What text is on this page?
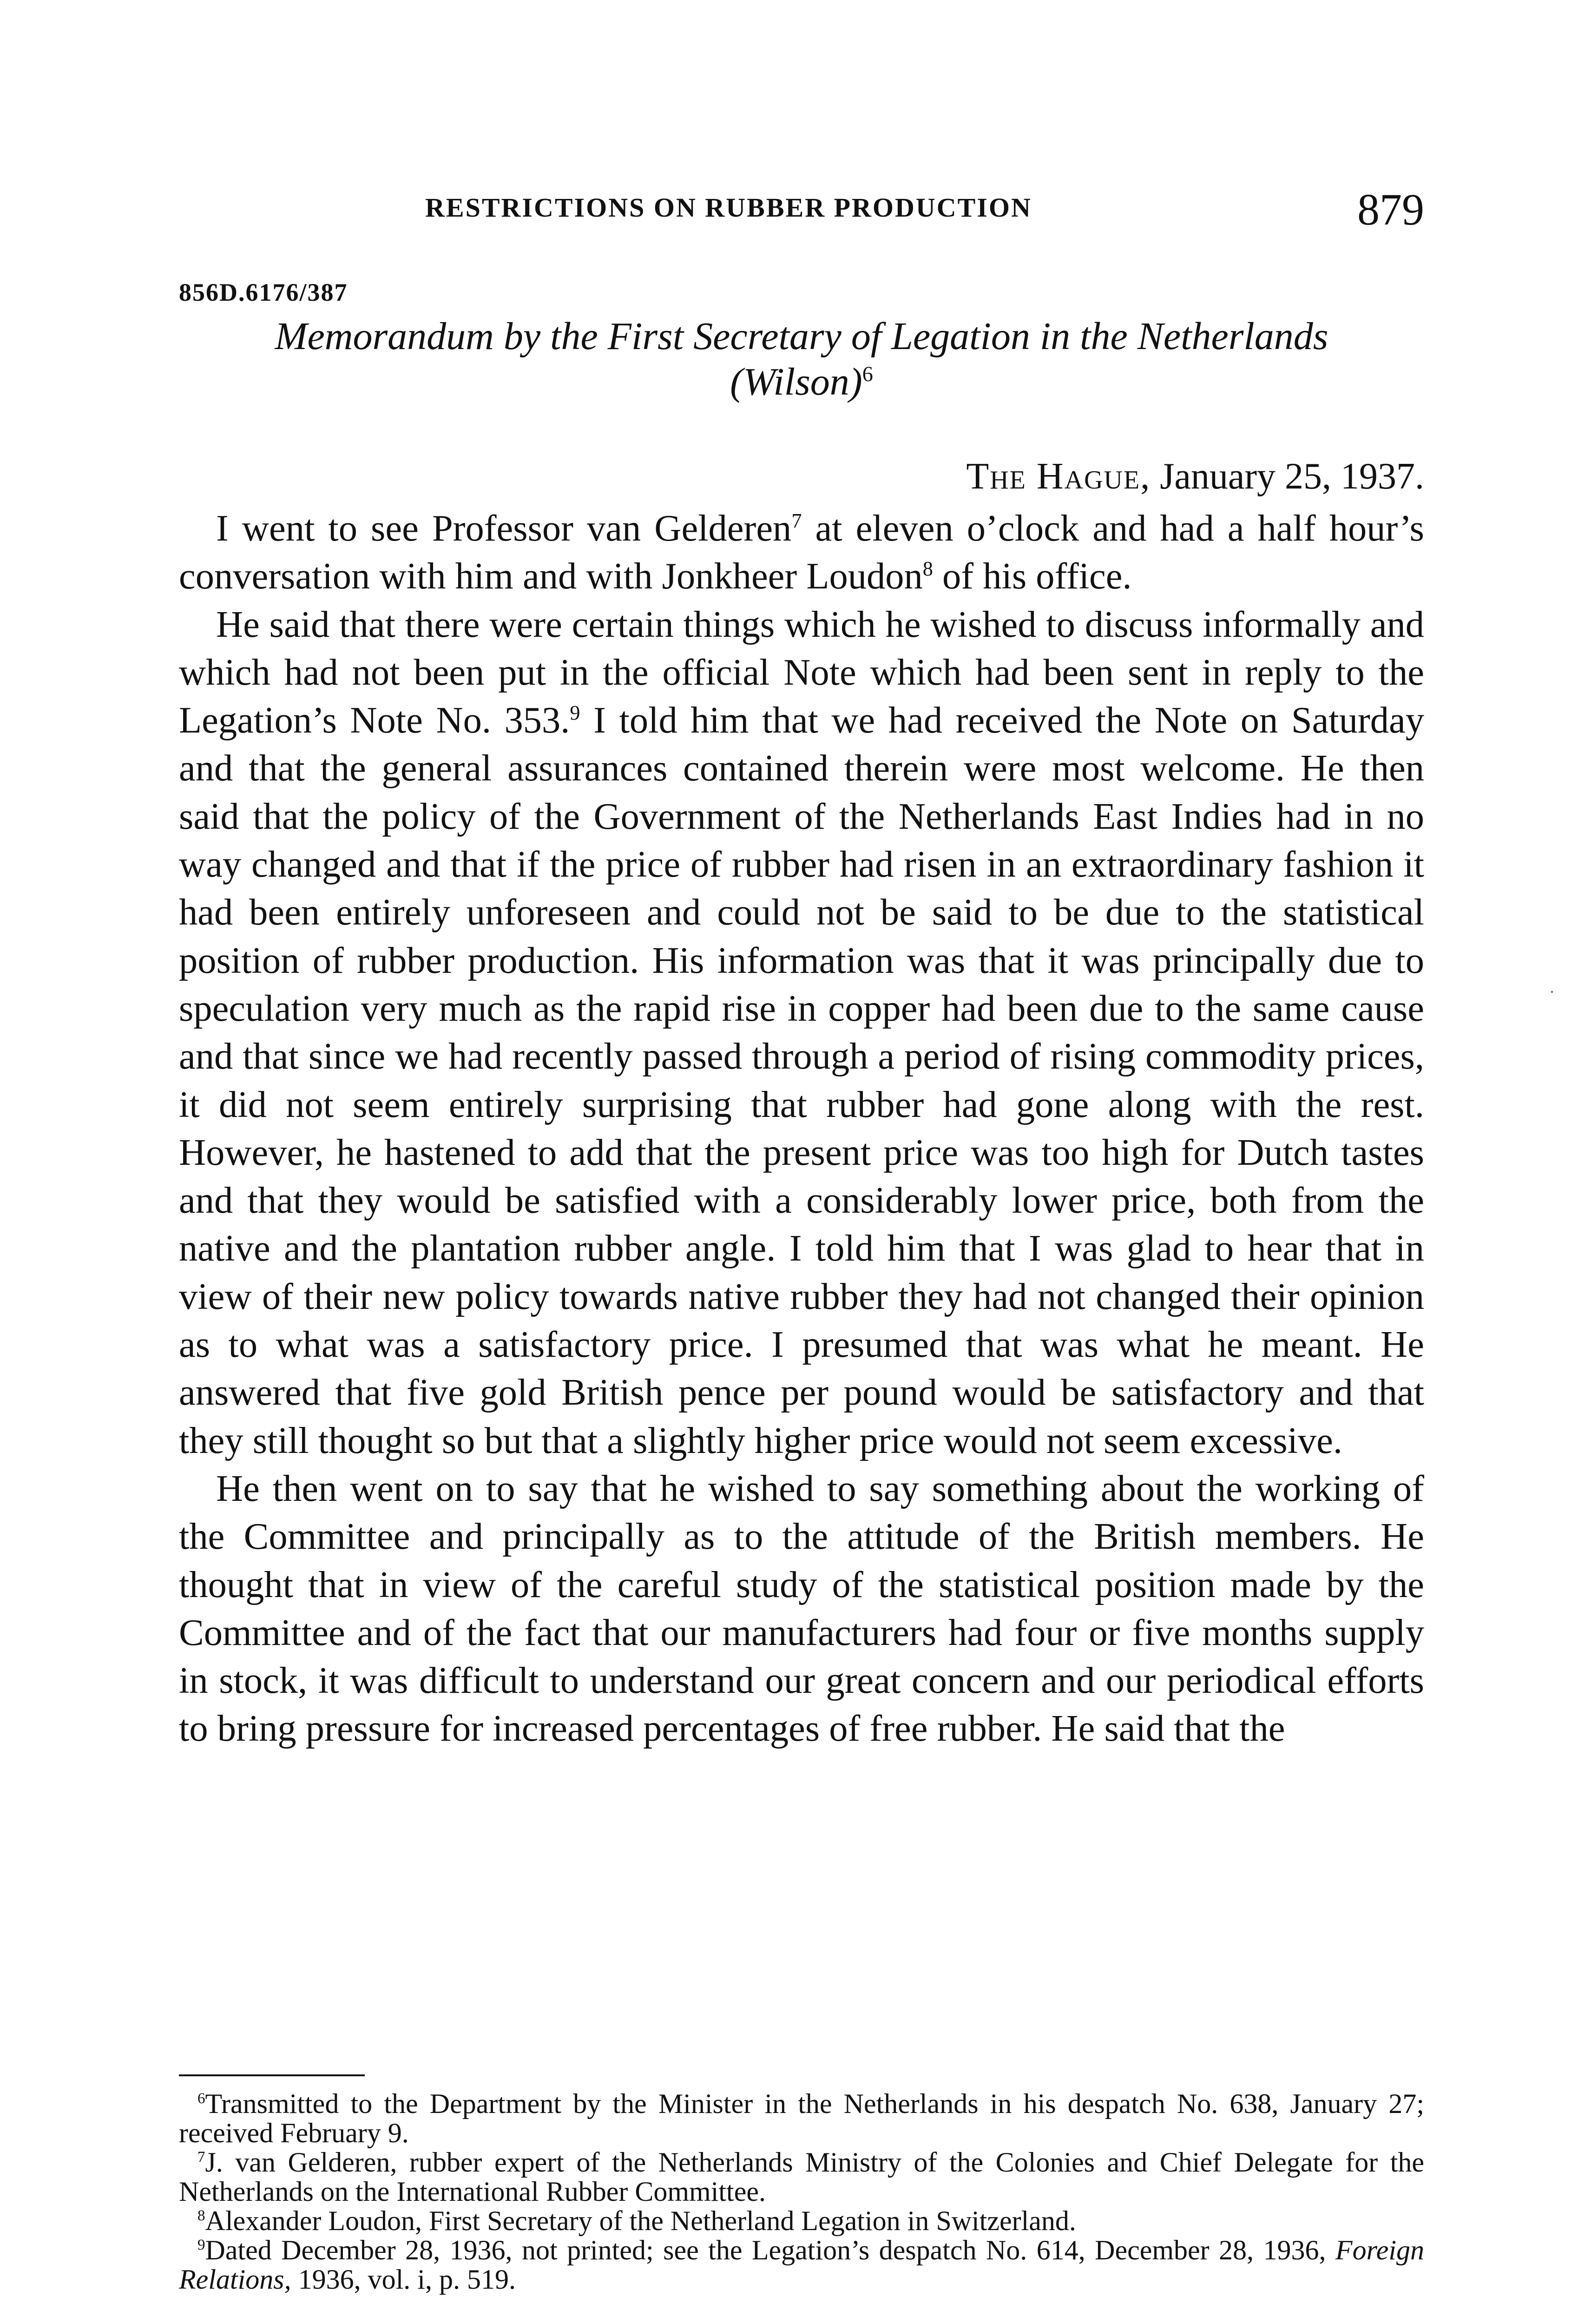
RESTRICTIONS ON RUBBER PRODUCTION	879
856D.6176/387
Memorandum by the First Secretary of Legation in the Netherlands
(Wilson)$^6$
The Hague, January 25, 1937.

I went to see Professor van Gelderen$^7$ at eleven o’clock and had a half hour’s conversation with him and with Jonkheer Loudon$^8$ of his office.

He said that there were certain things which he wished to discuss informally and which had not been put in the official Note which had been sent in reply to the Legation’s Note No. 353.$^9$ I told him that we had received the Note on Saturday and that the general assurances contained therein were most welcome. He then said that the policy of the Government of the Netherlands East Indies had in no way changed and that if the price of rubber had risen in an extraordinary fashion it had been entirely unforeseen and could not be said to be due to the statistical position of rubber production. His information was that it was principally due to speculation very much as the rapid rise in copper had been due to the same cause and that since we had recently passed through a period of rising commodity prices, it did not seem entirely surprising that rubber had gone along with the rest. However, he hastened to add that the present price was too high for Dutch tastes and that they would be satisfied with a considerably lower price, both from the native and the plantation rubber angle. I told him that I was glad to hear that in view of their new policy towards native rubber they had not changed their opinion as to what was a satisfactory price. I presumed that was what he meant. He answered that five gold British pence per pound would be satisfactory and that they still thought so but that a slightly higher price would not seem excessive.

He then went on to say that he wished to say something about the working of the Committee and principally as to the attitude of the British members. He thought that in view of the careful study of the statistical position made by the Committee and of the fact that our manufacturers had four or five months supply in stock, it was difficult to understand our great concern and our periodical efforts to bring pressure for increased percentages of free rubber. He said that the

$^6$Transmitted to the Department by the Minister in the Netherlands in his despatch No. 638, January 27; received February 9.

$^7$J. van Gelderen, rubber expert of the Netherlands Ministry of the Colonies and Chief Delegate for the Netherlands on the International Rubber Committee.

$^8$Alexander Loudon, First Secretary of the Netherland Legation in Switzerland.

$^9$Dated December 28, 1936, not printed; see the Legation’s despatch No. 614, December 28, 1936, Foreign Relations, 1936, vol. i, p. 519.
